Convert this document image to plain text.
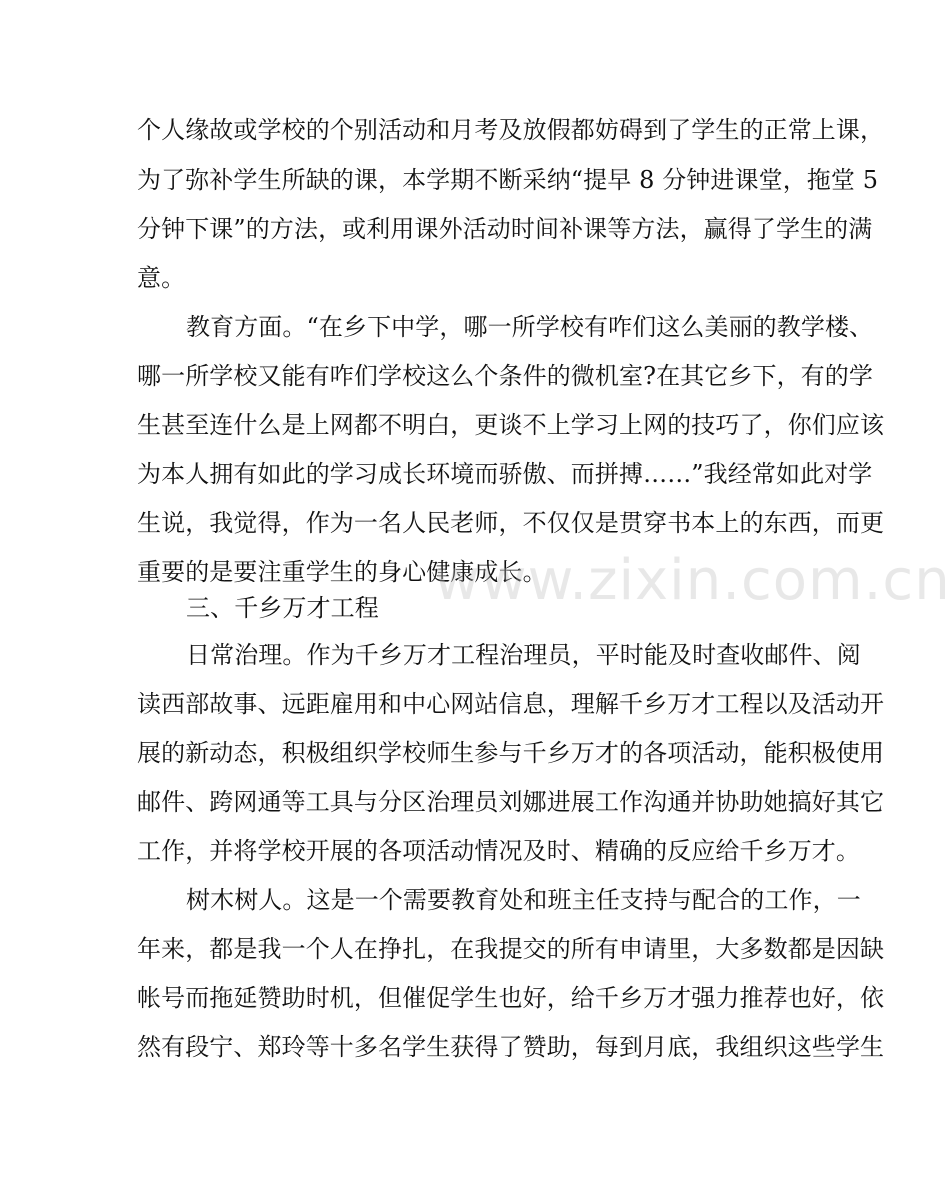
个人缘故或学校的个别活动和月考及放假都妨碍到了学生的正常上课，
为了弥补学生所缺的课，本学期不断采纳“提早 8 分钟进课堂，拖堂 5
分钟下课”的方法，或利用课外活动时间补课等方法，赢得了学生的满
意。
教育方面。“在乡下中学，哪一所学校有咋们这么美丽的教学楼、
哪一所学校又能有咋们学校这么个条件的微机室?在其它乡下，有的学
生甚至连什么是上网都不明白，更谈不上学习上网的技巧了，你们应该
为本人拥有如此的学习成长环境而骄傲、而拼搏……”我经常如此对学
生说，我觉得，作为一名人民老师，不仅仅是贯穿书本上的东西，而更
重要的是要注重学生的身心健康成长。
三、千乡万才工程
日常治理。作为千乡万才工程治理员，平时能及时查收邮件、阅
读西部故事、远距雇用和中心网站信息，理解千乡万才工程以及活动开
展的新动态，积极组织学校师生参与千乡万才的各项活动，能积极使用
邮件、跨网通等工具与分区治理员刘娜进展工作沟通并协助她搞好其它
工作，并将学校开展的各项活动情况及时、精确的反应给千乡万才。
树木树人。这是一个需要教育处和班主任支持与配合的工作，一
年来，都是我一个人在挣扎，在我提交的所有申请里，大多数都是因缺
帐号而拖延赞助时机，但催促学生也好，给千乡万才强力推荐也好，依
然有段宁、郑玲等十多名学生获得了赞助，每到月底，我组织这些学生
www.zixin.com.cn
